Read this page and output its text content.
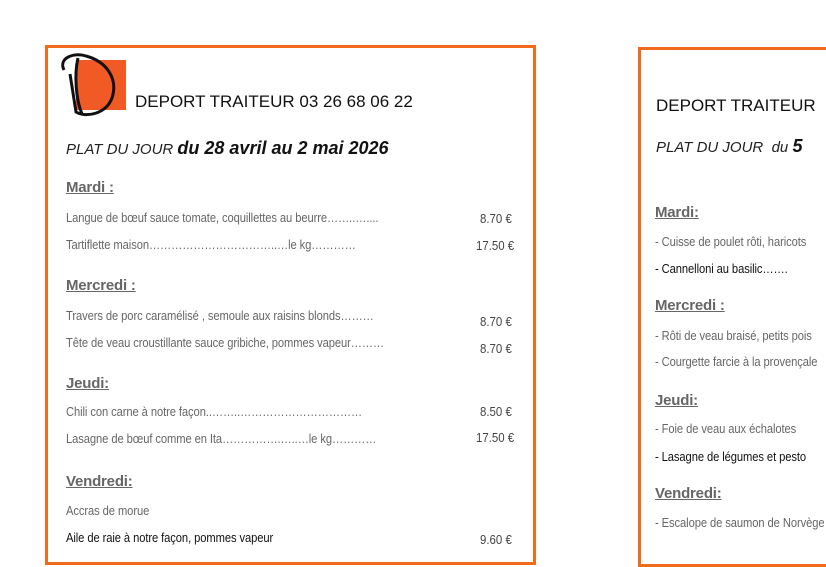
DEPORT TRAITEUR 03 26 68 06 22
PLAT DU JOUR du 28 avril au 2 mai 2026
Mardi :
Langue de bœuf sauce tomate, coquillettes au beurre……..…....	8.70 €
Tartiflette maison……………………………..…le kg…………	17.50 €
Mercredi :
Travers de porc caramélisé , semoule aux raisins blonds………	8.70 €
Tête de veau croustillante sauce gribiche, pommes vapeur………	8.70 €
Jeudi:
Chili con carne à notre façon..……..……………………………	8.50 €
Lasagne de bœuf comme en Ita…………….…..…le kg…………	17.50 €
Vendredi:
Accras de morue
Aile de raie à notre façon, pommes vapeur	9.60 €
DEPORT TRAITEUR
PLAT DU JOUR du 5
Mardi:
- Cuisse de poulet rôti, haricots
- Cannelloni au basilic…….
Mercredi :
- Rôti de veau braisé, petits pois
- Courgette farcie à la provençale
Jeudi:
- Foie de veau aux échalotes
- Lasagne de légumes et pesto
Vendredi:
- Escalope de saumon de Norvège
